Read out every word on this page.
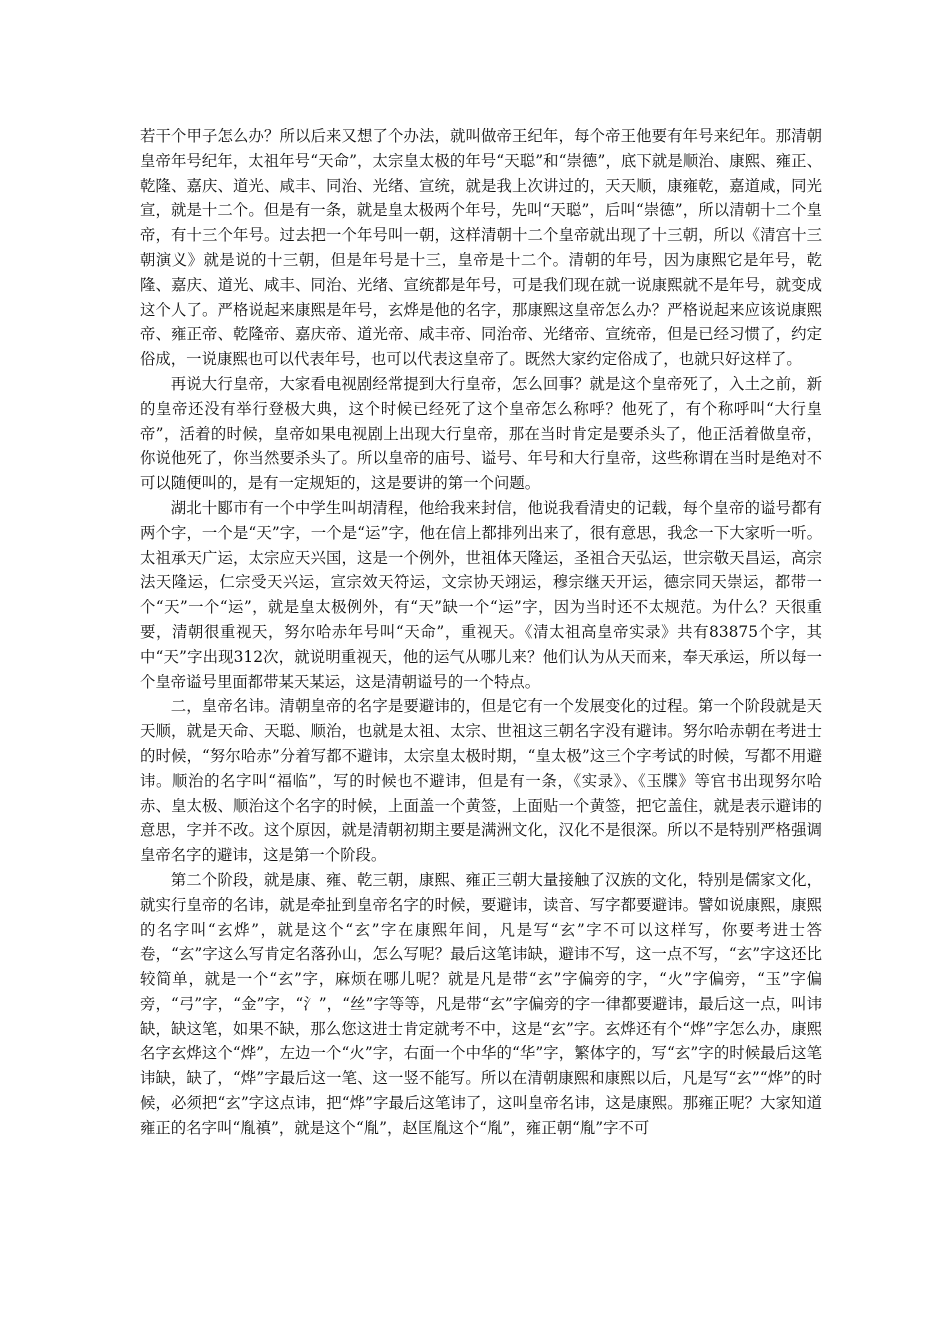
若干个甲子怎么办？所以后来又想了个办法，就叫做帝王纪年，每个帝王他要有年号来纪年。那清朝皇帝年号纪年，太祖年号“天命”，太宗皇太极的年号“天聪”和“崇德”，底下就是顺治、康熙、雍正、乾隆、嘉庆、道光、咸丰、同治、光绪、宣统，就是我上次讲过的，天天顺，康雍乾，嘉道咸，同光宣，就是十二个。但是有一条，就是皇太极两个年号，先叫“天聪”，后叫“崇德”，所以清朝十二个皇帝，有十三个年号。过去把一个年号叫一朝，这样清朝十二个皇帝就出现了十三朝，所以《清宫十三朝演义》就是说的十三朝，但是年号是十三，皇帝是十二个。清朝的年号，因为康熙它是年号，乾隆、嘉庆、道光、咸丰、同治、光绪、宣统都是年号，可是我们现在就一说康熙就不是年号，就变成这个人了。严格说起来康熙是年号，玄烨是他的名字，那康熙这皇帝怎么办？严格说起来应该说康熙帝、雍正帝、乾隆帝、嘉庆帝、道光帝、咸丰帝、同治帝、光绪帝、宣统帝，但是已经习惯了，约定俗成，一说康熙也可以代表年号，也可以代表这皇帝了。既然大家约定俗成了，也就只好这样了。

再说大行皇帝，大家看电视剧经常提到大行皇帝，怎么回事？就是这个皇帝死了，入土之前，新的皇帝还没有举行登极大典，这个时候已经死了这个皇帝怎么称呼？他死了，有个称呼叫“大行皇帝”，活着的时候，皇帝如果电视剧上出现大行皇帝，那在当时肯定是要杀头了，他正活着做皇帝，你说他死了，你当然要杀头了。所以皇帝的庙号、谥号、年号和大行皇帝，这些称谓在当时是绝对不可以随便叫的，是有一定规矩的，这是要讲的第一个问题。

湖北十郾市有一个中学生叫胡清程，他给我来封信，他说我看清史的记载，每个皇帝的谥号都有两个字，一个是“天”字，一个是“运”字，他在信上都排列出来了，很有意思，我念一下大家听一听。太祖承天广运，太宗应天兴国，这是一个例外，世祖体天隆运，圣祖合天弘运，世宗敬天昌运，高宗法天隆运，仁宗受天兴运，宣宗效天符运，文宗协天翊运，穆宗继天开运，德宗同天崇运，都带一个“天”一个“运”，就是皇太极例外，有“天”缺一个“运”字，因为当时还不太规范。为什么？天很重要，清朝很重视天，努尔哈赤年号叫“天命”，重视天。《清太祖高皇帝实录》共有83875个字，其中“天”字出现312次，就说明重视天，他的运气从哪儿来？他们认为从天而来，奉天承运，所以每一个皇帝谥号里面都带某天某运，这是清朝谥号的一个特点。

二，皇帝名讳。清朝皇帝的名字是要避讳的，但是它有一个发展变化的过程。第一个阶段就是天天顺，就是天命、天聪、顺治，也就是太祖、太宗、世祖这三朝名字没有避讳。努尔哈赤朝在考进士的时候，“努尔哈赤”分着写都不避讳，太宗皇太极时期，“皇太极”这三个字考试的时候，写都不用避讳。顺治的名字叫“福临”，写的时候也不避讳，但是有一条，《实录》、《玉牒》等官书出现努尔哈赤、皇太极、顺治这个名字的时候，上面盖一个黄签，上面贴一个黄签，把它盖住，就是表示避讳的意思，字并不改。这个原因，就是清朝初期主要是满洲文化，汉化不是很深。所以不是特别严格强调皇帝名字的避讳，这是第一个阶段。

第二个阶段，就是康、雍、乾三朝，康熙、雍正三朝大量接触了汉族的文化，特别是儒家文化，就实行皇帝的名讳，就是牵扯到皇帝名字的时候，要避讳，读音、写字都要避讳。譬如说康熙，康熙的名字叫“玄烨”，就是这个“玄”字在康熙年间，凡是写“玄”字不可以这样写，你要考进士答卷，“玄”字这么写肯定名落孙山，怎么写呢？最后这笔讳缺，避讳不写，这一点不写，“玄”字这还比较简单，就是一个“玄”字，麻烦在哪儿呢？就是凡是带“玄”字偏旁的字，“火”字偏旁，“玉”字偏旁，“弓”字，“金”字，“氵”，“丝”字等等，凡是带“玄”字偏旁的字一律都要避讳，最后这一点，叫讳缺，缺这笔，如果不缺，那么您这进士肯定就考不中，这是“玄”字。玄烨还有个“烨”字怎么办，康熙名字玄烨这个“烨”，左边一个“火”字，右面一个中华的“华”字，繁体字的，写“玄”字的时候最后这笔讳缺，缺了，“烨”字最后这一笔、这一竖不能写。所以在清朝康熙和康熙以后，凡是写“玄”“烨”的时候，必须把“玄”字这点讳，把“烨”字最后这笔讳了，这叫皇帝名讳，这是康熙。那雍正呢？大家知道雍正的名字叫“胤禛”，就是这个“胤”，赵匡胤这个“胤”，雍正朝“胤”字不可
